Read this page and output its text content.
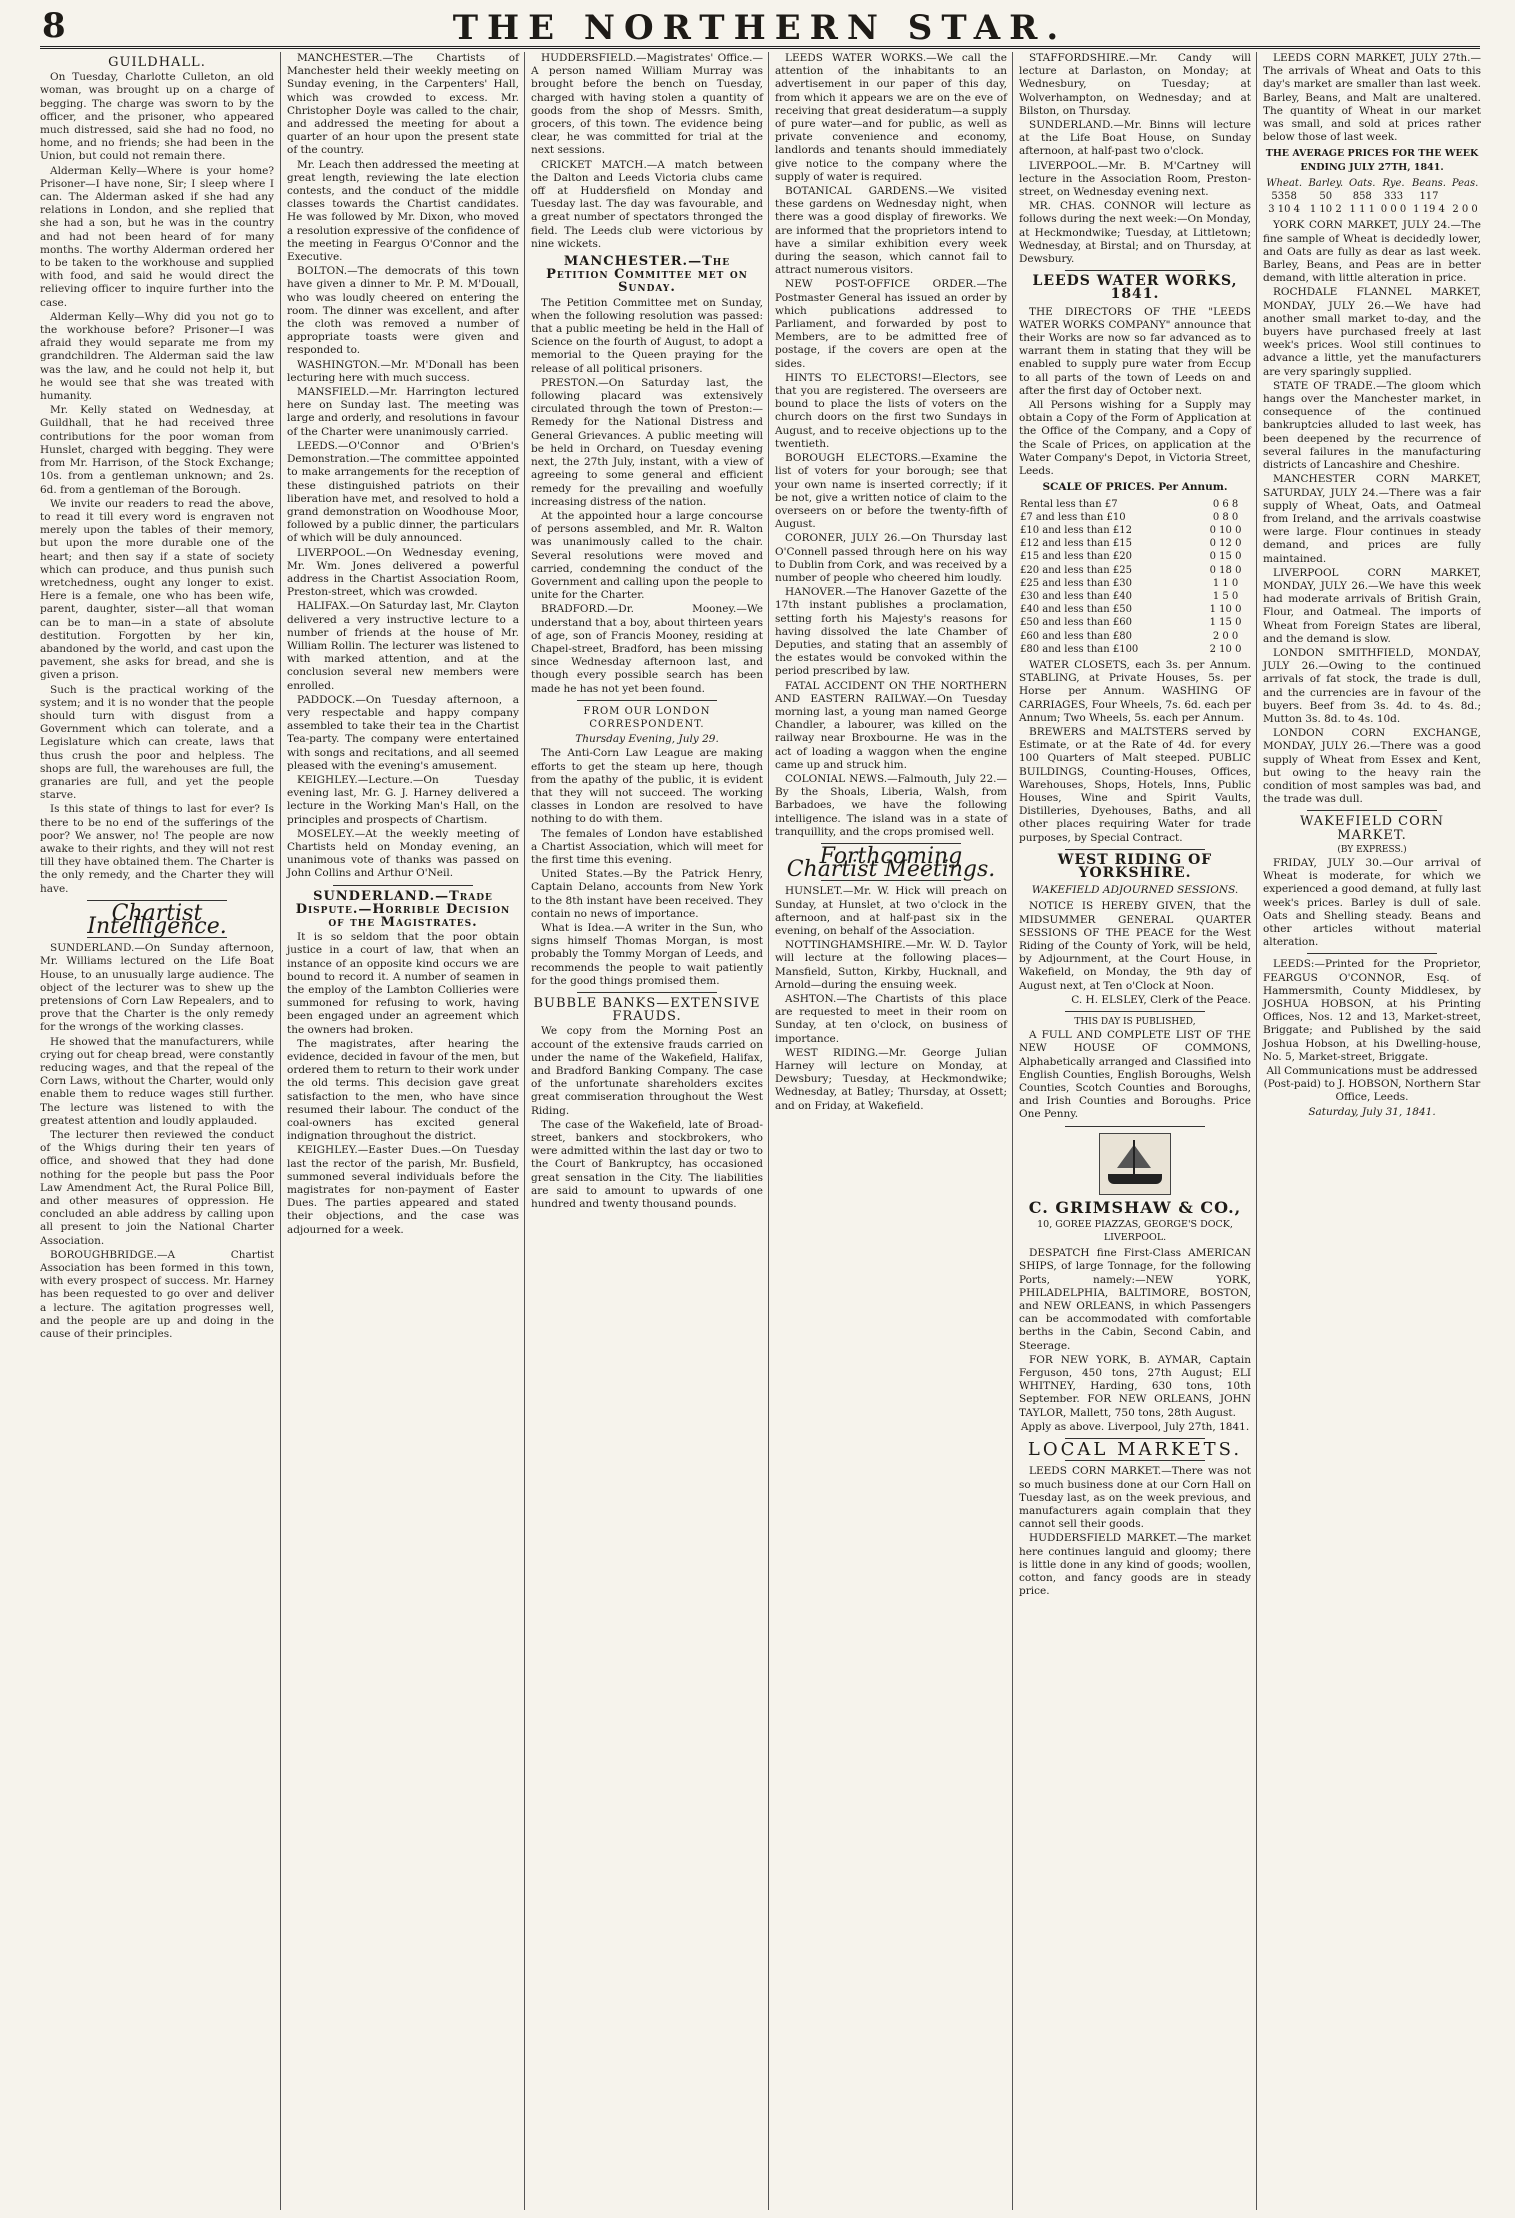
8	THE NORTHERN STAR.
GUILDHALL.

On Tuesday, Charlotte Culleton, an old woman, was brought up on a charge of begging. The charge was sworn to by the officer, and the prisoner, who appeared much distressed, said she had no food, no home, and no friends; she had been in the Union, but could not remain there.

Alderman Kelly—Where is your home? Prisoner—I have none, Sir; I sleep where I can. The Alderman asked if she had any relations in London, and she replied that she had a son, but he was in the country and had not been heard of for many months. The worthy Alderman ordered her to be taken to the workhouse and supplied with food, and said he would direct the relieving officer to inquire further into the case.

Alderman Kelly—Why did you not go to the workhouse before? Prisoner—I was afraid they would separate me from my grandchildren. The Alderman said the law was the law, and he could not help it, but he would see that she was treated with humanity.

Mr. Kelly stated on Wednesday, at Guildhall, that he had received three contributions for the poor woman from Hunslet, charged with begging. They were from Mr. Harrison, of the Stock Exchange; 10s. from a gentleman unknown; and 2s. 6d. from a gentleman of the Borough.

We invite our readers to read the above, to read it till every word is engraven not merely upon the tables of their memory, but upon the more durable one of the heart; and then say if a state of society which can produce, and thus punish such wretchedness, ought any longer to exist. Here is a female, one who has been wife, parent, daughter, sister—all that woman can be to man—in a state of absolute destitution. Forgotten by her kin, abandoned by the world, and cast upon the pavement, she asks for bread, and she is given a prison.

Such is the practical working of the system; and it is no wonder that the people should turn with disgust from a Government which can tolerate, and a Legislature which can create, laws that thus crush the poor and helpless. The shops are full, the warehouses are full, the granaries are full, and yet the people starve.

Is this state of things to last for ever? Is there to be no end of the sufferings of the poor? We answer, no! The people are now awake to their rights, and they will not rest till they have obtained them. The Charter is the only remedy, and the Charter they will have.

Chartist Intelligence.

SUNDERLAND.—On Sunday afternoon, Mr. Williams lectured on the Life Boat House, to an unusually large audience. The object of the lecturer was to shew up the pretensions of Corn Law Repealers, and to prove that the Charter is the only remedy for the wrongs of the working classes.

He showed that the manufacturers, while crying out for cheap bread, were constantly reducing wages, and that the repeal of the Corn Laws, without the Charter, would only enable them to reduce wages still further. The lecture was listened to with the greatest attention and loudly applauded.

The lecturer then reviewed the conduct of the Whigs during their ten years of office, and showed that they had done nothing for the people but pass the Poor Law Amendment Act, the Rural Police Bill, and other measures of oppression. He concluded an able address by calling upon all present to join the National Charter Association.

BOROUGHBRIDGE.—A Chartist Association has been formed in this town, with every prospect of success. Mr. Harney has been requested to go over and deliver a lecture. The agitation progresses well, and the people are up and doing in the cause of their principles.

MANCHESTER.—The Chartists of Manchester held their weekly meeting on Sunday evening, in the Carpenters' Hall, which was crowded to excess. Mr. Christopher Doyle was called to the chair, and addressed the meeting for about a quarter of an hour upon the present state of the country.

Mr. Leach then addressed the meeting at great length, reviewing the late election contests, and the conduct of the middle classes towards the Chartist candidates. He was followed by Mr. Dixon, who moved a resolution expressive of the confidence of the meeting in Feargus O'Connor and the Executive.

BOLTON.—The democrats of this town have given a dinner to Mr. P. M. M'Douall, who was loudly cheered on entering the room. The dinner was excellent, and after the cloth was removed a number of appropriate toasts were given and responded to.

WASHINGTON.—Mr. M'Donall has been lecturing here with much success.

MANSFIELD.—Mr. Harrington lectured here on Sunday last. The meeting was large and orderly, and resolutions in favour of the Charter were unanimously carried.

LEEDS.—O'Connor and O'Brien's Demonstration.—The committee appointed to make arrangements for the reception of these distinguished patriots on their liberation have met, and resolved to hold a grand demonstration on Woodhouse Moor, followed by a public dinner, the particulars of which will be duly announced.

LIVERPOOL.—On Wednesday evening, Mr. Wm. Jones delivered a powerful address in the Chartist Association Room, Preston-street, which was crowded.

HALIFAX.—On Saturday last, Mr. Clayton delivered a very instructive lecture to a number of friends at the house of Mr. William Rollin. The lecturer was listened to with marked attention, and at the conclusion several new members were enrolled.

PADDOCK.—On Tuesday afternoon, a very respectable and happy company assembled to take their tea in the Chartist Tea-party. The company were entertained with songs and recitations, and all seemed pleased with the evening's amusement.

KEIGHLEY.—Lecture.—On Tuesday evening last, Mr. G. J. Harney delivered a lecture in the Working Man's Hall, on the principles and prospects of Chartism.

MOSELEY.—At the weekly meeting of Chartists held on Monday evening, an unanimous vote of thanks was passed on John Collins and Arthur O'Neil.

SUNDERLAND.—Trade Dispute.—Horrible Decision of the Magistrates.

It is so seldom that the poor obtain justice in a court of law, that when an instance of an opposite kind occurs we are bound to record it. A number of seamen in the employ of the Lambton Collieries were summoned for refusing to work, having been engaged under an agreement which the owners had broken.

The magistrates, after hearing the evidence, decided in favour of the men, but ordered them to return to their work under the old terms. This decision gave great satisfaction to the men, who have since resumed their labour. The conduct of the coal-owners has excited general indignation throughout the district.

KEIGHLEY.—Easter Dues.—On Tuesday last the rector of the parish, Mr. Busfield, summoned several individuals before the magistrates for non-payment of Easter Dues. The parties appeared and stated their objections, and the case was adjourned for a week.

HUDDERSFIELD.—Magistrates' Office.—A person named William Murray was brought before the bench on Tuesday, charged with having stolen a quantity of goods from the shop of Messrs. Smith, grocers, of this town. The evidence being clear, he was committed for trial at the next sessions.

CRICKET MATCH.—A match between the Dalton and Leeds Victoria clubs came off at Huddersfield on Monday and Tuesday last. The day was favourable, and a great number of spectators thronged the field. The Leeds club were victorious by nine wickets.

MANCHESTER.—The Petition Committee met on Sunday.

The Petition Committee met on Sunday, when the following resolution was passed: that a public meeting be held in the Hall of Science on the fourth of August, to adopt a memorial to the Queen praying for the release of all political prisoners.

PRESTON.—On Saturday last, the following placard was extensively circulated through the town of Preston:—Remedy for the National Distress and General Grievances. A public meeting will be held in Orchard, on Tuesday evening next, the 27th July, instant, with a view of agreeing to some general and efficient remedy for the prevailing and woefully increasing distress of the nation.

At the appointed hour a large concourse of persons assembled, and Mr. R. Walton was unanimously called to the chair. Several resolutions were moved and carried, condemning the conduct of the Government and calling upon the people to unite for the Charter.

BRADFORD.—Dr. Mooney.—We understand that a boy, about thirteen years of age, son of Francis Mooney, residing at Chapel-street, Bradford, has been missing since Wednesday afternoon last, and though every possible search has been made he has not yet been found.

FROM OUR LONDON CORRESPONDENT.

Thursday Evening, July 29.

The Anti-Corn Law League are making efforts to get the steam up here, though from the apathy of the public, it is evident that they will not succeed. The working classes in London are resolved to have nothing to do with them.

The females of London have established a Chartist Association, which will meet for the first time this evening.

United States.—By the Patrick Henry, Captain Delano, accounts from New York to the 8th instant have been received. They contain no news of importance.

What is Idea.—A writer in the Sun, who signs himself Thomas Morgan, is most probably the Tommy Morgan of Leeds, and recommends the people to wait patiently for the good things promised them.

BUBBLE BANKS—EXTENSIVE FRAUDS.

We copy from the Morning Post an account of the extensive frauds carried on under the name of the Wakefield, Halifax, and Bradford Banking Company. The case of the unfortunate shareholders excites great commiseration throughout the West Riding.

The case of the Wakefield, late of Broad-street, bankers and stockbrokers, who were admitted within the last day or two to the Court of Bankruptcy, has occasioned great sensation in the City. The liabilities are said to amount to upwards of one hundred and twenty thousand pounds.

LEEDS WATER WORKS.—We call the attention of the inhabitants to an advertisement in our paper of this day, from which it appears we are on the eve of receiving that great desideratum—a supply of pure water—and for public, as well as private convenience and economy, landlords and tenants should immediately give notice to the company where the supply of water is required.

BOTANICAL GARDENS.—We visited these gardens on Wednesday night, when there was a good display of fireworks. We are informed that the proprietors intend to have a similar exhibition every week during the season, which cannot fail to attract numerous visitors.

NEW POST-OFFICE ORDER.—The Postmaster General has issued an order by which publications addressed to Parliament, and forwarded by post to Members, are to be admitted free of postage, if the covers are open at the sides.

HINTS TO ELECTORS!—Electors, see that you are registered. The overseers are bound to place the lists of voters on the church doors on the first two Sundays in August, and to receive objections up to the twentieth.

BOROUGH ELECTORS.—Examine the list of voters for your borough; see that your own name is inserted correctly; if it be not, give a written notice of claim to the overseers on or before the twenty-fifth of August.

CORONER, JULY 26.—On Thursday last O'Connell passed through here on his way to Dublin from Cork, and was received by a number of people who cheered him loudly.

HANOVER.—The Hanover Gazette of the 17th instant publishes a proclamation, setting forth his Majesty's reasons for having dissolved the late Chamber of Deputies, and stating that an assembly of the estates would be convoked within the period prescribed by law.

FATAL ACCIDENT ON THE NORTHERN AND EASTERN RAILWAY.—On Tuesday morning last, a young man named George Chandler, a labourer, was killed on the railway near Broxbourne. He was in the act of loading a waggon when the engine came up and struck him.

COLONIAL NEWS.—Falmouth, July 22.—By the Shoals, Liberia, Walsh, from Barbadoes, we have the following intelligence. The island was in a state of tranquillity, and the crops promised well.

Forthcoming Chartist Meetings.

HUNSLET.—Mr. W. Hick will preach on Sunday, at Hunslet, at two o'clock in the afternoon, and at half-past six in the evening, on behalf of the Association.

NOTTINGHAMSHIRE.—Mr. W. D. Taylor will lecture at the following places—Mansfield, Sutton, Kirkby, Hucknall, and Arnold—during the ensuing week.

ASHTON.—The Chartists of this place are requested to meet in their room on Sunday, at ten o'clock, on business of importance.

WEST RIDING.—Mr. George Julian Harney will lecture on Monday, at Dewsbury; Tuesday, at Heckmondwike; Wednesday, at Batley; Thursday, at Ossett; and on Friday, at Wakefield.

STAFFORDSHIRE.—Mr. Candy will lecture at Darlaston, on Monday; at Wednesbury, on Tuesday; at Wolverhampton, on Wednesday; and at Bilston, on Thursday.

SUNDERLAND.—Mr. Binns will lecture at the Life Boat House, on Sunday afternoon, at half-past two o'clock.

LIVERPOOL.—Mr. B. M'Cartney will lecture in the Association Room, Preston-street, on Wednesday evening next.

MR. CHAS. CONNOR will lecture as follows during the next week:—On Monday, at Heckmondwike; Tuesday, at Littletown; Wednesday, at Birstal; and on Thursday, at Dewsbury.

LEEDS WATER WORKS, 1841.

THE DIRECTORS OF THE "LEEDS WATER WORKS COMPANY" announce that their Works are now so far advanced as to warrant them in stating that they will be enabled to supply pure water from Eccup to all parts of the town of Leeds on and after the first day of October next.

All Persons wishing for a Supply may obtain a Copy of the Form of Application at the Office of the Company, and a Copy of the Scale of Prices, on application at the Water Company's Depot, in Victoria Street, Leeds.

SCALE OF PRICES. Per Annum.
Rental less than £7	0 6 8
£7 and less than £10	0 8 0
£10 and less than £12	0 10 0
£12 and less than £15	0 12 0
£15 and less than £20	0 15 0
£20 and less than £25	0 18 0
£25 and less than £30	1 1 0
£30 and less than £40	1 5 0
£40 and less than £50	1 10 0
£50 and less than £60	1 15 0
£60 and less than £80	2 0 0
£80 and less than £100	2 10 0

WATER CLOSETS, each 3s. per Annum. STABLING, at Private Houses, 5s. per Horse per Annum. WASHING OF CARRIAGES, Four Wheels, 7s. 6d. each per Annum; Two Wheels, 5s. each per Annum.

BREWERS and MALTSTERS served by Estimate, or at the Rate of 4d. for every 100 Quarters of Malt steeped. PUBLIC BUILDINGS, Counting-Houses, Offices, Warehouses, Shops, Hotels, Inns, Public Houses, Wine and Spirit Vaults, Distilleries, Dyehouses, Baths, and all other places requiring Water for trade purposes, by Special Contract.

WEST RIDING OF YORKSHIRE.
WAKEFIELD ADJOURNED SESSIONS.

NOTICE IS HEREBY GIVEN, that the MIDSUMMER GENERAL QUARTER SESSIONS OF THE PEACE for the West Riding of the County of York, will be held, by Adjournment, at the Court House, in Wakefield, on Monday, the 9th day of August next, at Ten o'Clock at Noon.

C. H. ELSLEY, Clerk of the Peace.
THIS DAY IS PUBLISHED,

A FULL AND COMPLETE LIST OF THE NEW HOUSE OF COMMONS, Alphabetically arranged and Classified into English Counties, English Boroughs, Welsh Counties, Scotch Counties and Boroughs, and Irish Counties and Boroughs. Price One Penny.

C. GRIMSHAW & CO.,
10, GOREE PIAZZAS, GEORGE'S DOCK, LIVERPOOL.

DESPATCH fine First-Class AMERICAN SHIPS, of large Tonnage, for the following Ports, namely:—NEW YORK, PHILADELPHIA, BALTIMORE, BOSTON, and NEW ORLEANS, in which Passengers can be accommodated with comfortable berths in the Cabin, Second Cabin, and Steerage.

FOR NEW YORK, B. AYMAR, Captain Ferguson, 450 tons, 27th August; ELI WHITNEY, Harding, 630 tons, 10th September. FOR NEW ORLEANS, JOHN TAYLOR, Mallett, 750 tons, 28th August.

Apply as above. Liverpool, July 27th, 1841.

LOCAL MARKETS.

LEEDS CORN MARKET.—There was not so much business done at our Corn Hall on Tuesday last, as on the week previous, and manufacturers again complain that they cannot sell their goods.

HUDDERSFIELD MARKET.—The market here continues languid and gloomy; there is little done in any kind of goods; woollen, cotton, and fancy goods are in steady price.

LEEDS CORN MARKET, JULY 27th.—The arrivals of Wheat and Oats to this day's market are smaller than last week. Barley, Beans, and Malt are unaltered. The quantity of Wheat in our market was small, and sold at prices rather below those of last week.

THE AVERAGE PRICES FOR THE WEEK ENDING JULY 27TH, 1841.
Wheat.	Barley.	Oats.	Rye.	Beans.	Peas.
5358	50	858	333	117	
3 10 4	1 10 2	1 1 1	0 0 0	1 19 4	2 0 0

YORK CORN MARKET, JULY 24.—The fine sample of Wheat is decidedly lower, and Oats are fully as dear as last week. Barley, Beans, and Peas are in better demand, with little alteration in price.

ROCHDALE FLANNEL MARKET, MONDAY, JULY 26.—We have had another small market to-day, and the buyers have purchased freely at last week's prices. Wool still continues to advance a little, yet the manufacturers are very sparingly supplied.

STATE OF TRADE.—The gloom which hangs over the Manchester market, in consequence of the continued bankruptcies alluded to last week, has been deepened by the recurrence of several failures in the manufacturing districts of Lancashire and Cheshire.

MANCHESTER CORN MARKET, SATURDAY, JULY 24.—There was a fair supply of Wheat, Oats, and Oatmeal from Ireland, and the arrivals coastwise were large. Flour continues in steady demand, and prices are fully maintained.

LIVERPOOL CORN MARKET, MONDAY, JULY 26.—We have this week had moderate arrivals of British Grain, Flour, and Oatmeal. The imports of Wheat from Foreign States are liberal, and the demand is slow.

LONDON SMITHFIELD, MONDAY, JULY 26.—Owing to the continued arrivals of fat stock, the trade is dull, and the currencies are in favour of the buyers. Beef from 3s. 4d. to 4s. 8d.; Mutton 3s. 8d. to 4s. 10d.

LONDON CORN EXCHANGE, MONDAY, JULY 26.—There was a good supply of Wheat from Essex and Kent, but owing to the heavy rain the condition of most samples was bad, and the trade was dull.

WAKEFIELD CORN MARKET.
(BY EXPRESS.)

FRIDAY, JULY 30.—Our arrival of Wheat is moderate, for which we experienced a good demand, at fully last week's prices. Barley is dull of sale. Oats and Shelling steady. Beans and other articles without material alteration.

LEEDS:—Printed for the Proprietor, FEARGUS O'CONNOR, Esq. of Hammersmith, County Middlesex, by JOSHUA HOBSON, at his Printing Offices, Nos. 12 and 13, Market-street, Briggate; and Published by the said Joshua Hobson, at his Dwelling-house, No. 5, Market-street, Briggate.

All Communications must be addressed (Post-paid) to J. HOBSON, Northern Star Office, Leeds.

Saturday, July 31, 1841.
